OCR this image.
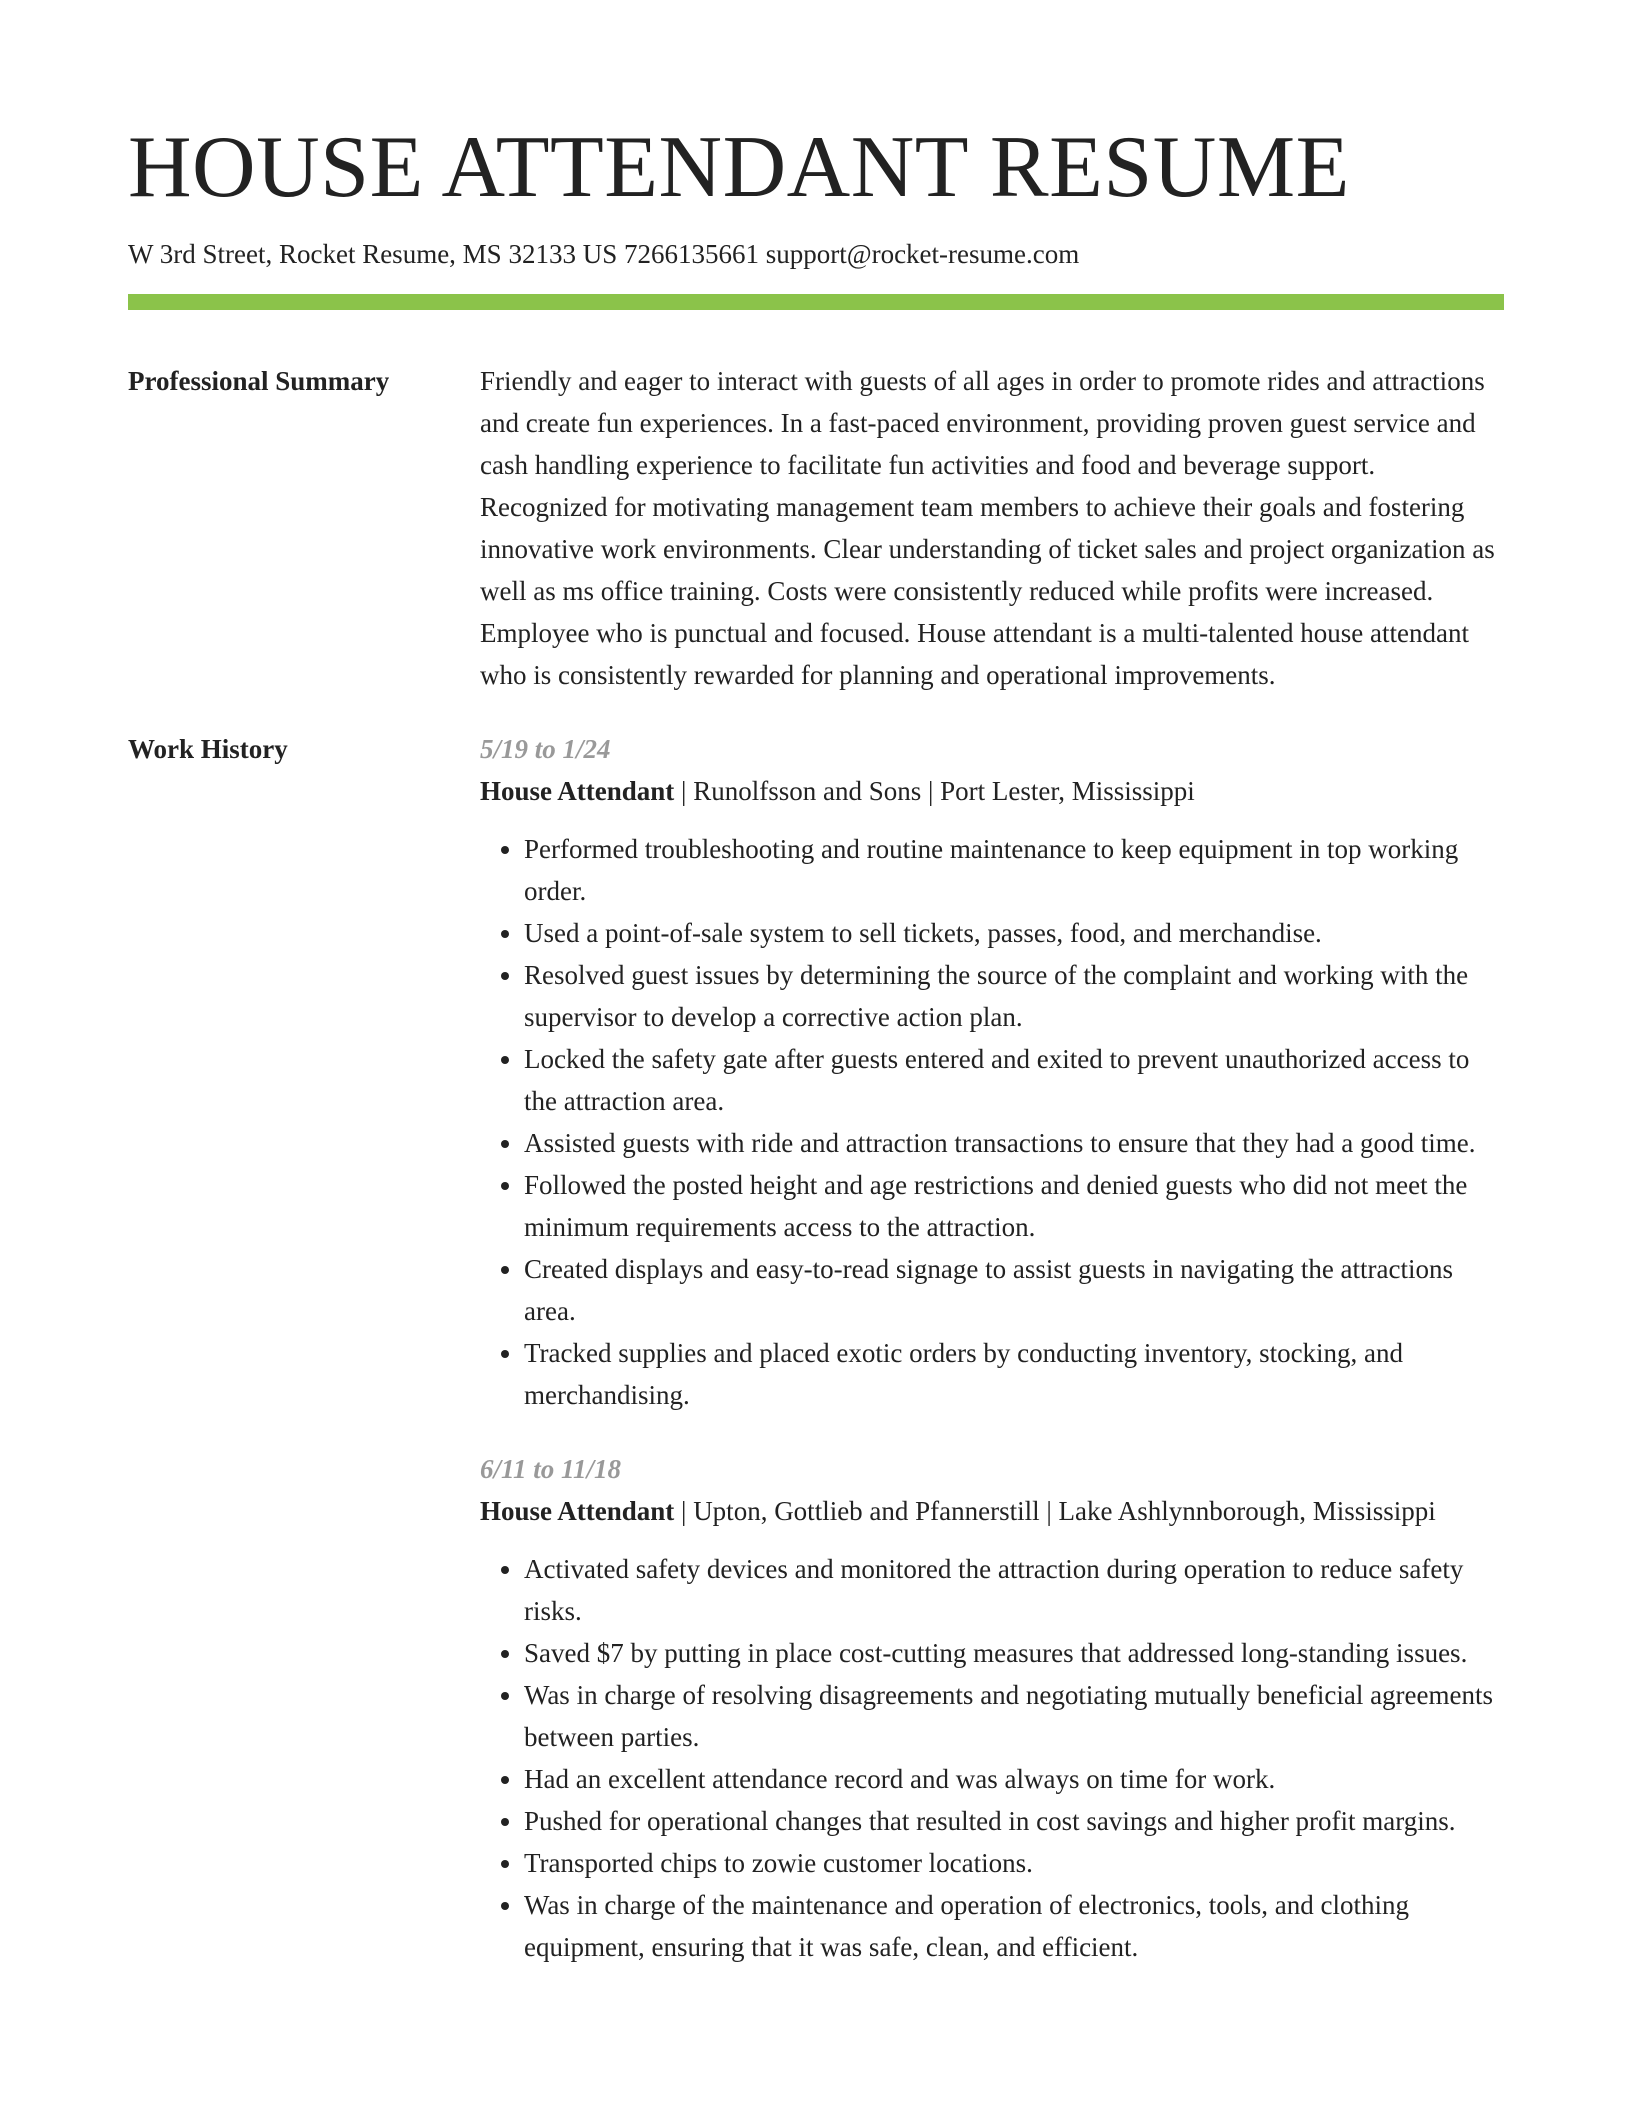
HOUSE ATTENDANT RESUME
W 3rd Street, Rocket Resume, MS 32133 US 7266135661 support@rocket-resume.com
Professional Summary	Friendly and eager to interact with guests of all ages in order to promote rides and attractions and create fun experiences. In a fast-paced environment, providing proven guest service and cash handling experience to facilitate fun activities and food and beverage support. Recognized for motivating management team members to achieve their goals and fostering innovative work environments. Clear understanding of ticket sales and project organization as well as ms office training. Costs were consistently reduced while profits were increased. Employee who is punctual and focused. House attendant is a multi-talented house attendant who is consistently rewarded for planning and operational improvements.

Work History	5/19 to 1/24
House Attendant | Runolfsson and Sons | Port Lester, Mississippi
• Performed troubleshooting and routine maintenance to keep equipment in top working order.
• Used a point-of-sale system to sell tickets, passes, food, and merchandise.
• Resolved guest issues by determining the source of the complaint and working with the supervisor to develop a corrective action plan.
• Locked the safety gate after guests entered and exited to prevent unauthorized access to the attraction area.
• Assisted guests with ride and attraction transactions to ensure that they had a good time.
• Followed the posted height and age restrictions and denied guests who did not meet the minimum requirements access to the attraction.
• Created displays and easy-to-read signage to assist guests in navigating the attractions area.
• Tracked supplies and placed exotic orders by conducting inventory, stocking, and merchandising.
6/11 to 11/18
House Attendant | Upton, Gottlieb and Pfannerstill | Lake Ashlynnborough, Mississippi
• Activated safety devices and monitored the attraction during operation to reduce safety risks.
• Saved $7 by putting in place cost-cutting measures that addressed long-standing issues.
• Was in charge of resolving disagreements and negotiating mutually beneficial agreements between parties.
• Had an excellent attendance record and was always on time for work.
• Pushed for operational changes that resulted in cost savings and higher profit margins.
• Transported chips to zowie customer locations.
• Was in charge of the maintenance and operation of electronics, tools, and clothing equipment, ensuring that it was safe, clean, and efficient.
